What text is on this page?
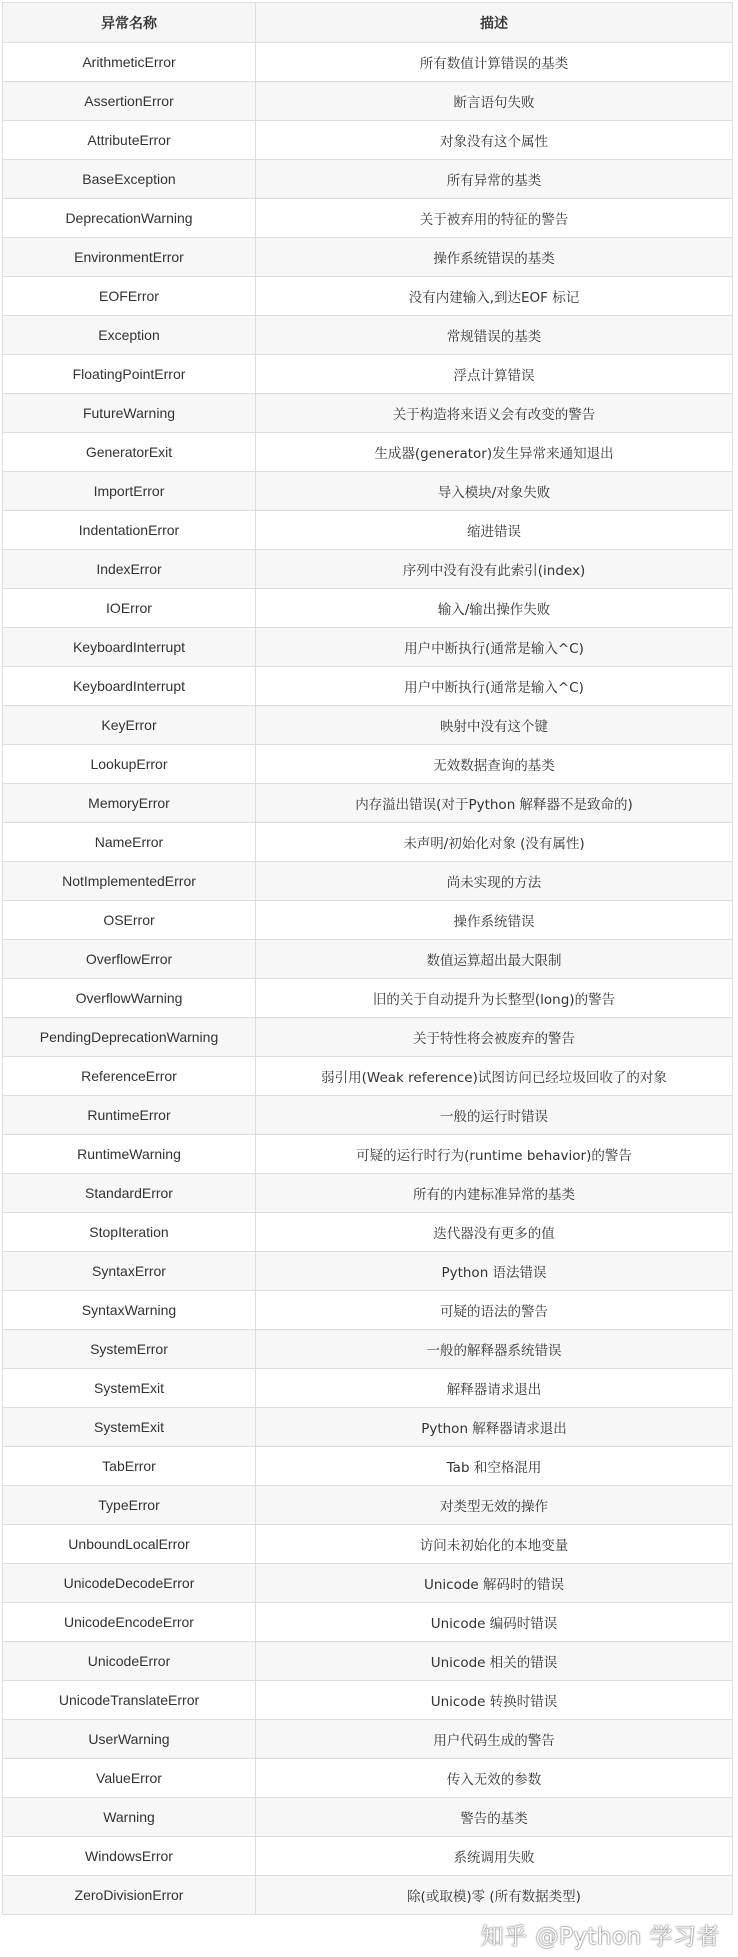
异常名称	描述
ArithmeticError	所有数值计算错误的基类
AssertionError	断言语句失败
AttributeError	对象没有这个属性
BaseException	所有异常的基类
DeprecationWarning	关于被弃用的特征的警告
EnvironmentError	操作系统错误的基类
EOFError	没有内建输入,到达EOF 标记
Exception	常规错误的基类
FloatingPointError	浮点计算错误
FutureWarning	关于构造将来语义会有改变的警告
GeneratorExit	生成器(generator)发生异常来通知退出
ImportError	导入模块/对象失败
IndentationError	缩进错误
IndexError	序列中没有没有此索引(index)
IOError	输入/输出操作失败
KeyboardInterrupt	用户中断执行(通常是输入^C)
KeyboardInterrupt	用户中断执行(通常是输入^C)
KeyError	映射中没有这个键
LookupError	无效数据查询的基类
MemoryError	内存溢出错误(对于Python 解释器不是致命的)
NameError	未声明/初始化对象 (没有属性)
NotImplementedError	尚未实现的方法
OSError	操作系统错误
OverflowError	数值运算超出最大限制
OverflowWarning	旧的关于自动提升为长整型(long)的警告
PendingDeprecationWarning	关于特性将会被废弃的警告
ReferenceError	弱引用(Weak reference)试图访问已经垃圾回收了的对象
RuntimeError	一般的运行时错误
RuntimeWarning	可疑的运行时行为(runtime behavior)的警告
StandardError	所有的内建标准异常的基类
StopIteration	迭代器没有更多的值
SyntaxError	Python 语法错误
SyntaxWarning	可疑的语法的警告
SystemError	一般的解释器系统错误
SystemExit	解释器请求退出
SystemExit	Python 解释器请求退出
TabError	Tab 和空格混用
TypeError	对类型无效的操作
UnboundLocalError	访问未初始化的本地变量
UnicodeDecodeError	Unicode 解码时的错误
UnicodeEncodeError	Unicode 编码时错误
UnicodeError	Unicode 相关的错误
UnicodeTranslateError	Unicode 转换时错误
UserWarning	用户代码生成的警告
ValueError	传入无效的参数
Warning	警告的基类
WindowsError	系统调用失败
ZeroDivisionError	除(或取模)零 (所有数据类型)
知乎 @Python 学习者
